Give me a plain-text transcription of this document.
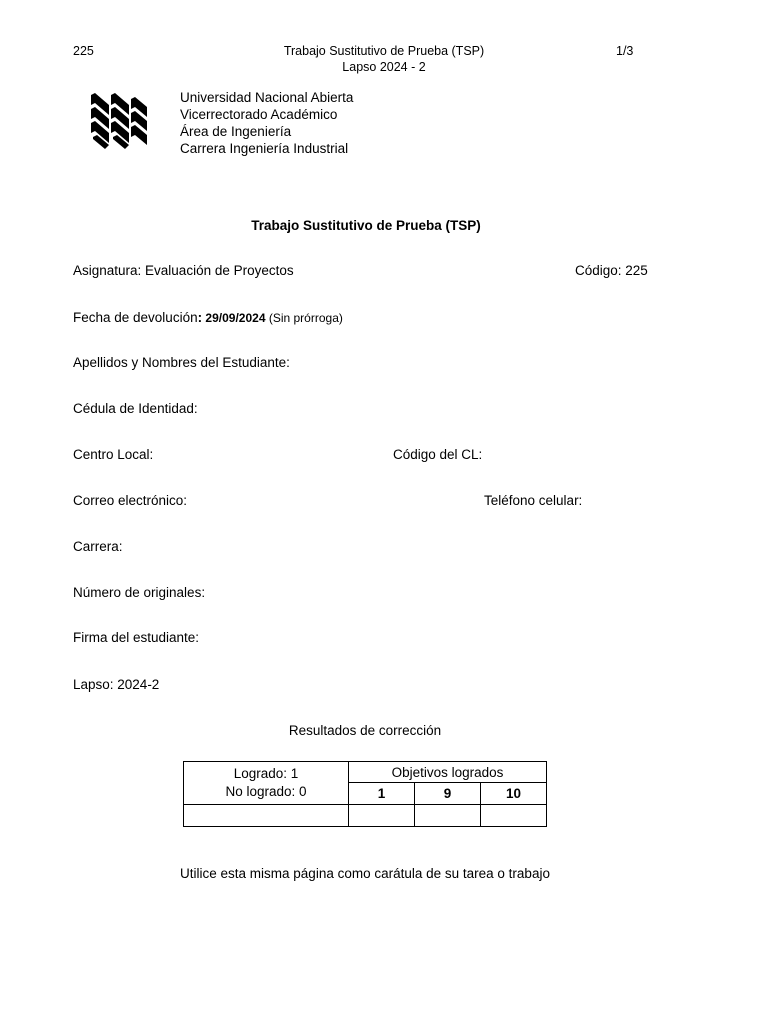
225	Trabajo Sustitutivo de Prueba (TSP)
Lapso 2024 - 2
1/3
Universidad Nacional Abierta
Vicerrectorado Académico
Área de Ingeniería
Carrera Ingeniería Industrial
Trabajo Sustitutivo de Prueba (TSP)
Asignatura: Evaluación de Proyectos	Código: 225
Fecha de devolución: 29/09/2024 (Sin prórroga)
Apellidos y Nombres del Estudiante:
Cédula de Identidad:
Centro Local:	Código del CL:
Correo electrónico:	Teléfono celular:
Carrera:
Número de originales:
Firma del estudiante:
Lapso: 2024-2
Resultados de corrección
Logrado: 1
No logrado: 0	Objetivos logrados		
	1	9	10

Utilice esta misma página como carátula de su tarea o trabajo
